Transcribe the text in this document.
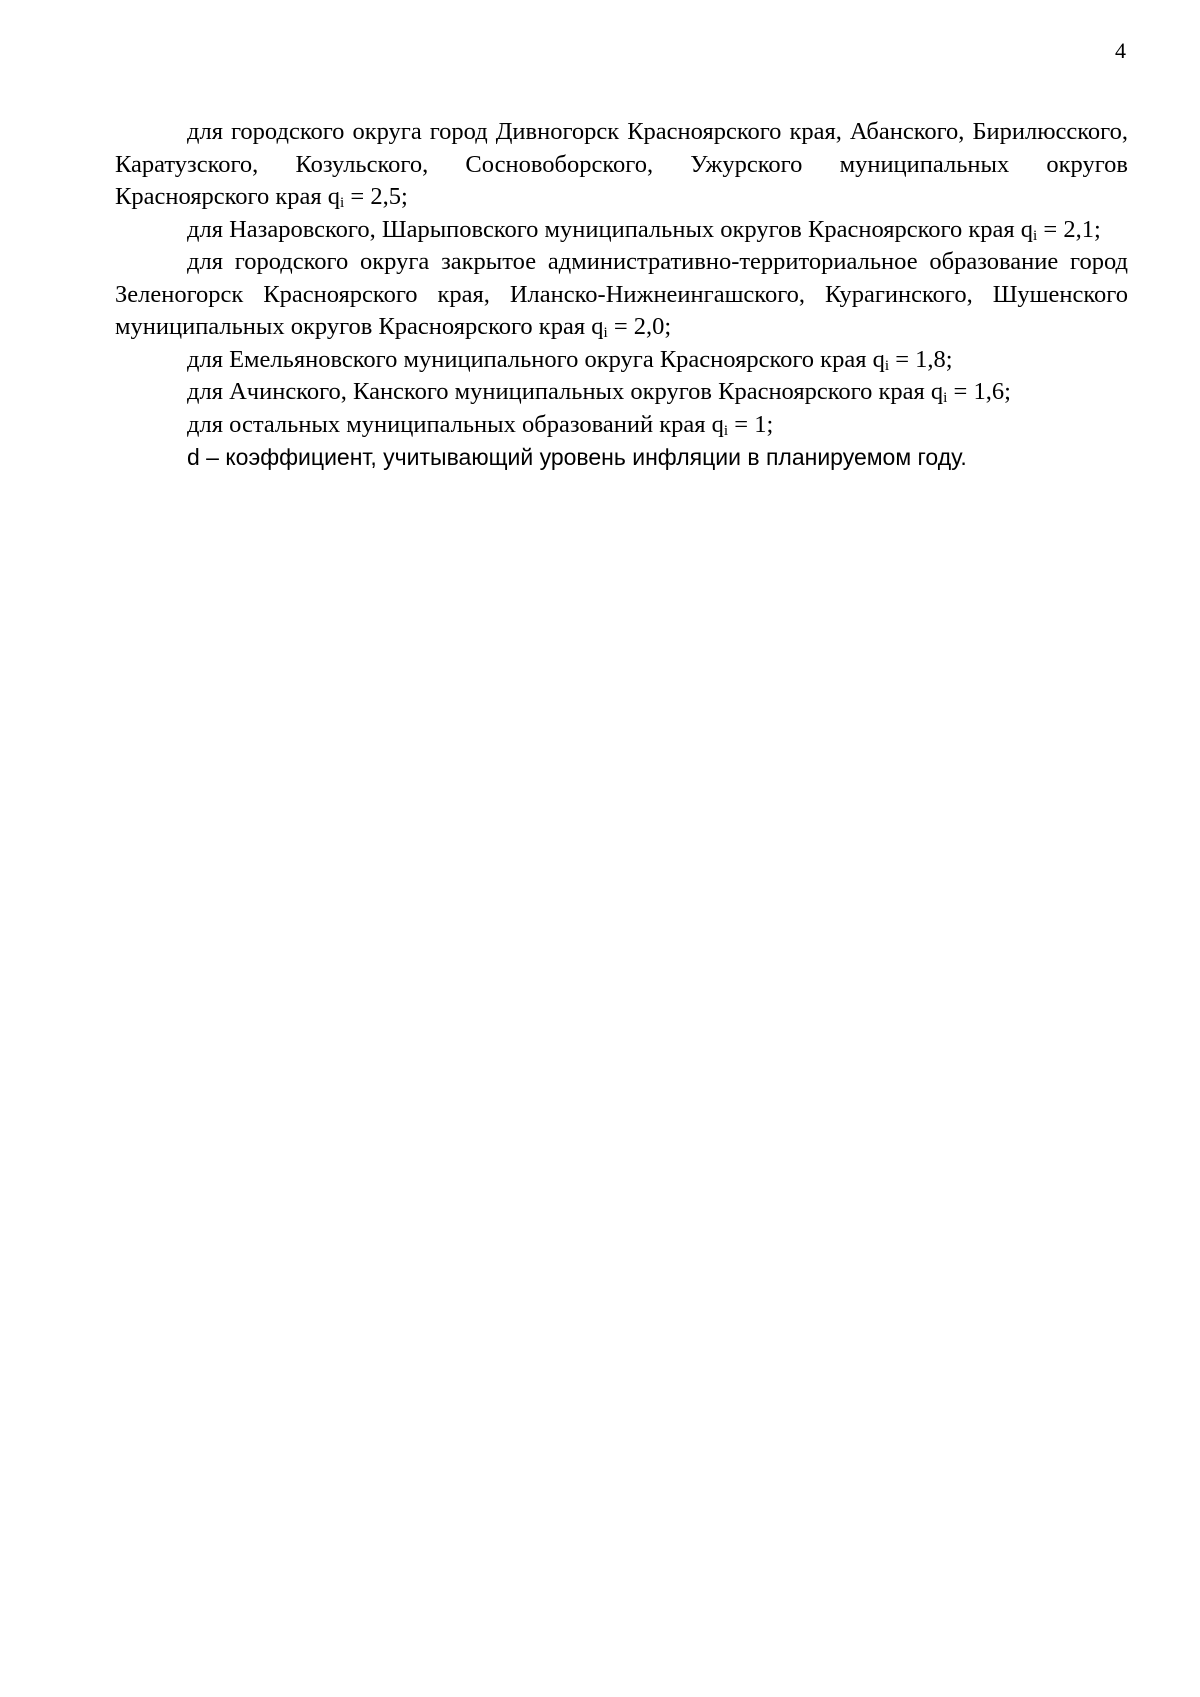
4

для городского округа город Дивногорск Красноярского края, Абанского, Бирилюсского, Каратузского, Козульского, Сосновоборского, Ужурского муниципальных округов Красноярского края qi = 2,5;

для Назаровского, Шарыповского муниципальных округов Красноярского края qi = 2,1;

для городского округа закрытое административно-территориальное образование город Зеленогорск Красноярского края, Иланско-Нижнеингашского, Курагинского, Шушенского муниципальных округов Красноярского края qi = 2,0;

для Емельяновского муниципального округа Красноярского края qi = 1,8;

для Ачинского, Канского муниципальных округов Красноярского края qi = 1,6;

для остальных муниципальных образований края qi = 1;

d – коэффициент, учитывающий уровень инфляции в планируемом году.
